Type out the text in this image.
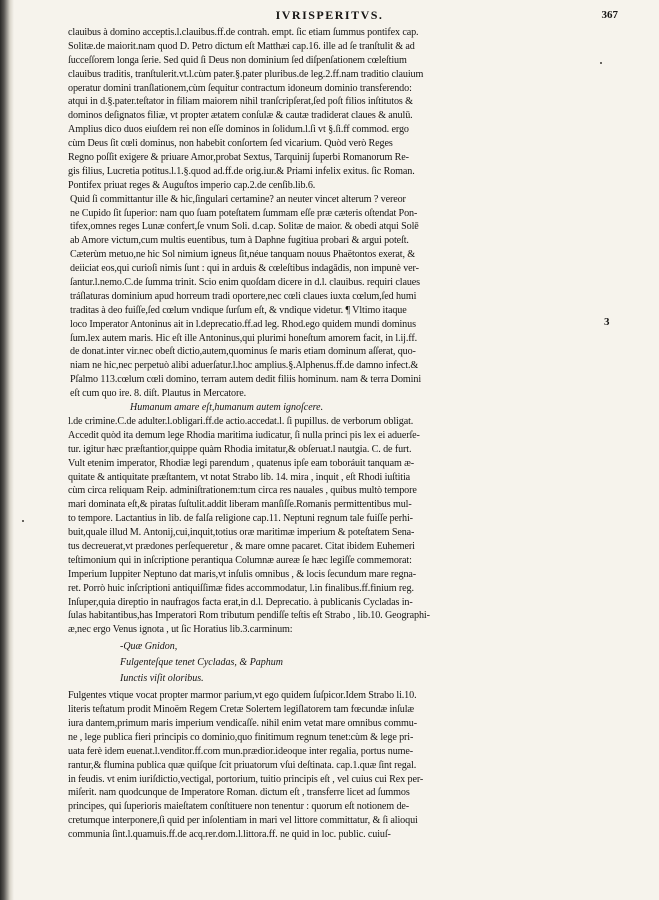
IVRISPERITVS.	367
3
clauibus à domino acceptis.l.clauibus.ff.de contrah. empt. ſic etiam ſummus pontifex cap.
Solitæ.de maiorit.nam quod D. Petro dictum eſt Matthæi cap.16. ille ad ſe tranſtulit & ad
ſucceſſorem longa ſerie. Sed quid ſi Deus non dominium ſed diſpenſationem cœleſtium
clauibus traditis, tranſtulerit.vt.l.cùm pater.§.pater pluribus.de leg.2.ff.nam traditio clauium
operatur domini tranſlationem,cùm ſequitur contractum idoneum dominio transferendo:
atqui in d.§.pater.teſtator in filiam maiorem nihil tranſcripſerat,ſed poſt filios inſtitutos &
dominos deſignatos filiæ, vt propter ætatem conſulæ & cautæ tradiderat claues & anulū.
Amplius dico duos eiuſdem rei non eſſe dominos in ſolidum.l.ſi vt §.ſi.ff commod. ergo
cùm Deus ſit cœli dominus, non habebit conſortem ſed vicarium. Quòd verò Reges
Regno poſſit exigere & priuare Amor,probat Sextus, Tarquinij ſuperbi Romanorum Re-
gis filius, Lucretia potitus.l.1.§.quod ad.ff.de orig.iur.& Priami infelix exitus. ſic Roman.
Pontifex priuat reges & Auguſtos imperio cap.2.de cenſib.lib.6.
Quid ſi committantur ille & hic,ſingulari certamine? an neuter vincet alterum ? vereor
ne Cupido ſit ſuperior: nam quo ſuam poteſtatem ſummam eſſe præ cæteris oſtendat Pon-
tifex,omnes reges Lunæ confert,ſe vnum Soli. d.cap. Solitæ de maior. & obedi atqui Solē
ab Amore victum,cum multis euentibus, tum à Daphne fugitiua probari & argui poteſt.
Cæterùm metuo,ne hic Sol nimium igneus ſit,néue tanquam nouus Phaëtontos exerat, &
deiiciat eos,qui curioſi nimis ſunt : qui in arduis & cœleſtibus indagādis, non impunè ver-
ſantur.l.nemo.C.de ſumma trinit. Scio enim quoſdam dicere in d.l. clauibus. requiri claues
tráſlaturas dominium apud horreum tradi oportere,nec cœli claues iuxta cœlum,ſed humi
traditas à deo fuiſſe,ſed cœlum vndique ſurſum eſt, & vndique videtur. ¶ Vltimo itaque
loco Imperator Antoninus ait in l.deprecatio.ff.ad leg. Rhod.ego quidem mundi dominus
ſum.lex autem maris. Hic eſt ille Antoninus,qui plurimi honeſtum amorem facit, in l.ij.ff.
de donat.inter vir.nec obeſt dictio,autem,quominus ſe maris etiam dominum aſſerat, quo-
niam ne hic,nec perpetuò alibi aduerſatur.l.hoc amplius.§.Alphenus.ff.de damno infect.&
Pſalmo 113.cœlum cœli domino, terram autem dedit filiis hominum. nam & terra Domini
eſt cum quo ire. 8. diſt. Plautus in Mercatore.
Humanum amare eſt,humanum autem ignoſcere.
l.de crimine.C.de adulter.l.obligari.ff.de actio.accedat.l. ſi pupillus. de verborum obligat.
Accedit quòd ita demum lege Rhodia maritima iudicatur, ſi nulla princi pis lex ei aduerſe-
tur. igitur hæc præſtantior,quippe quàm Rhodia imitatur,& obſeruat.l nautgia. C. de furt.
Vult etenim imperator, Rhodiæ legi parendum , quatenus ipſe eam toboráuit tanquam æ-
quitate & antiquitate præſtantem, vt notat Strabo lib. 14. mira , inquit , eſt Rhodi iuſtitia
cùm circa reliquam Reip. adminiſtrationem:tum circa res nauales , quibus multò tempore
mari dominata eſt,& piratas ſuſtulit.addit liberam manſiſſe.Romanis permittentibus mul-
to tempore. Lactantius in lib. de falſa religione cap.11. Neptuni regnum tale fuiſſe perhi-
buit,quale illud M. Antonij,cui,inquit,totius oræ maritimæ imperium & poteſtatem Sena-
tus decreuerat,vt prædones perſequeretur , & mare omne pacaret. Citat ibidem Euhemeri
teſtimonium qui in inſcriptione perantiqua Columnæ aureæ ſe hæc legiſſe commemorat:
Imperium Iuppiter Neptuno dat maris,vt inſulis omnibus , & locis ſecundum mare regna-
ret. Porrò huic inſcriptioni antiquiſſimæ fides accommodatur, l.in finalibus.ff.finium reg.
Inſuper,quia direptio in naufragos facta erat,in d.l. Deprecatio. à publicanis Cycladas in-
ſulas habitantibus,has Imperatori Rom tributum pendiſſe teſtis eſt Strabo , lib.10. Geographi-
æ,nec ergo Venus ignota , ut ſic Horatius lib.3.carminum:
-Quæ Gnidon,
Fulgenteſque tenet Cycladas, & Paphum
Iunctis viſit oloribus.
Fulgentes vtique vocat propter marmor parium,vt ego quidem ſuſpicor.Idem Strabo li.10.
literis teſtatum prodit Minoëm Regem Cretæ Solertem legiſlatorem tam fœcundæ inſulæ
iura dantem,primum maris imperium vendicaſſe. nihil enim vetat mare omnibus commu-
ne , lege publica fieri principis co dominio,quo finitimum regnum tenet:cùm & lege pri-
uata ferè idem euenat.l.venditor.ff.com mun.prædior.ideoque inter regalia, portus nume-
rantur,& flumina publica quæ quiſque ſcit priuatorum vſui deſtinata. cap.1.quæ ſint regal.
in feudis. vt enim iuriſdictio,vectigal, portorium, tuitio principis eſt , vel cuius cui Rex per-
miſerit. nam quodcunque de Imperatore Roman. dictum eſt , transferre licet ad ſummos
principes, qui ſuperioris maieſtatem conſtituere non tenentur : quorum eſt notionem de-
cretumque interponere,ſi quid per inſolentiam in mari vel littore committatur, & ſi alioqui
communia ſint.l.quamuis.ff.de acq.rer.dom.l.littora.ff. ne quid in loc. public. cuiuſ-
